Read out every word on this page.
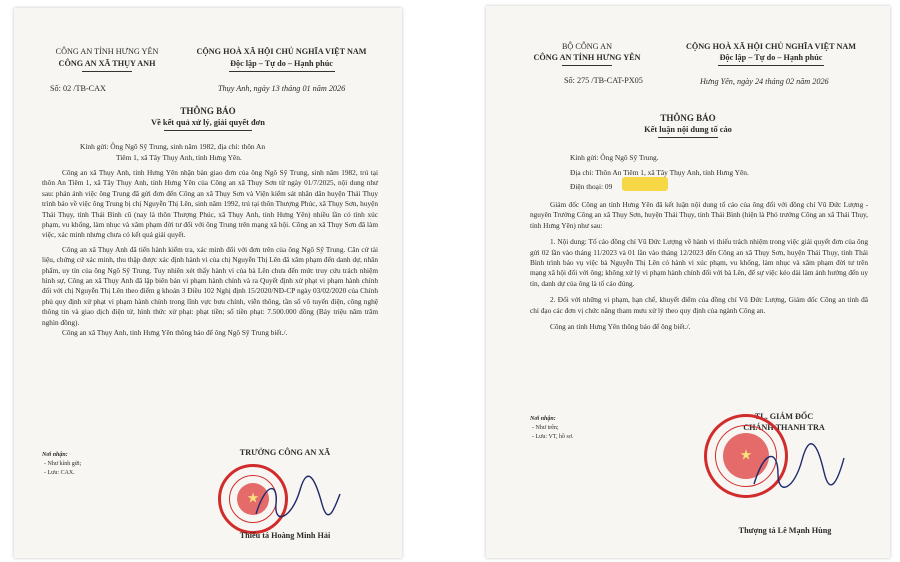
CÔNG AN TỈNH HƯNG YÊN
CÔNG AN XÃ THỤY ANH
CỘNG HOÀ XÃ HỘI CHỦ NGHĨA VIỆT NAM
Độc lập – Tự do – Hạnh phúc
Số: 02 /TB-CAX	Thụy Anh, ngày 13 tháng 01 năm 2026
THÔNG BÁO
Về kết quả xử lý, giải quyết đơn
Kính gửi: Ông Ngô Sỹ Trung, sinh năm 1982, địa chỉ: thôn An
Tiêm 1, xã Tây Thụy Anh, tỉnh Hưng Yên.

Công an xã Thụy Anh, tỉnh Hưng Yên nhận bàn giao đơn của ông Ngô Sỹ Trung, sinh năm 1982, trú tại thôn An Tiêm 1, xã Tây Thụy Anh, tỉnh Hưng Yên của Công an xã Thụy Sơn từ ngày 01/7/2025, nội dung như sau: phản ánh việc ông Trung đã gửi đơn đến Công an xã Thụy Sơn và Viện kiểm sát nhân dân huyện Thái Thụy trình báo về việc ông Trung bị chị Nguyễn Thị Lên, sinh năm 1992, trú tại thôn Thượng Phúc, xã Thụy Sơn, huyện Thái Thụy, tỉnh Thái Bình cũ (nay là thôn Thượng Phúc, xã Thụy Anh, tỉnh Hưng Yên) nhiều lần có tình xúc phạm, vu khống, làm nhục và xâm phạm đời tư đối với ông Trung trên mạng xã hội. Công an xã Thụy Sơn đã làm việc, xác minh nhưng chưa có kết quả giải quyết.

Công an xã Thụy Anh đã tiến hành kiểm tra, xác minh đối với đơn trên của ông Ngô Sỹ Trung. Căn cứ tài liệu, chứng cứ xác minh, thu thập được xác định hành vi của chị Nguyễn Thị Lên đã xâm phạm đến danh dự, nhân phẩm, uy tín của ông Ngô Sỹ Trung. Tuy nhiên xét thấy hành vi của bà Lên chưa đến mức truy cứu trách nhiệm hình sự, Công an xã Thụy Anh đã lập biên bản vi phạm hành chính và ra Quyết định xử phạt vi phạm hành chính đối với chị Nguyễn Thị Lên theo điểm g khoản 3 Điều 102 Nghị định 15/2020/NĐ-CP ngày 03/02/2020 của Chính phủ quy định xử phạt vi phạm hành chính trong lĩnh vực bưu chính, viễn thông, tần số vô tuyến điện, công nghệ thông tin và giao dịch điện tử, hình thức xử phạt: phạt tiền; số tiền phạt: 7.500.000 đồng (Bảy triệu năm trăm nghìn đồng).

Công an xã Thụy Anh, tỉnh Hưng Yên thông báo để ông Ngô Sỹ Trung biết./.

Nơi nhận:
- Như kính gửi;
- Lưu: CAX.
TRƯỞNG CÔNG AN XÃ
★
Thiếu tá Hoàng Minh Hải
BỘ CÔNG AN
CÔNG AN TỈNH HƯNG YÊN
CỘNG HOÀ XÃ HỘI CHỦ NGHĨA VIỆT NAM
Độc lập – Tự do – Hạnh phúc
Số: 275 /TB-CAT-PX05	Hưng Yên, ngày 24 tháng 02 năm 2026
THÔNG BÁO
Kết luận nội dung tố cáo
Kính gửi: Ông Ngô Sỹ Trung.
Địa chỉ: Thôn An Tiêm 1, xã Tây Thụy Anh, tỉnh Hưng Yên.
Điện thoại: 09

Giám đốc Công an tỉnh Hưng Yên đã kết luận nội dung tố cáo của ông đối với đồng chí Vũ Đức Lượng - nguyên Trưởng Công an xã Thụy Sơn, huyện Thái Thụy, tỉnh Thái Bình (hiện là Phó trưởng Công an xã Thái Thụy, tỉnh Hưng Yên) như sau:

1. Nội dung: Tố cáo đồng chí Vũ Đức Lượng về hành vi thiếu trách nhiệm trong việc giải quyết đơn của ông gửi 02 lần vào tháng 11/2023 và 01 lần vào tháng 12/2023 đến Công an xã Thụy Sơn, huyện Thái Thụy, tỉnh Thái Bình trình báo vụ việc bà Nguyễn Thị Lên có hành vi xúc phạm, vu khống, làm nhục và xâm phạm đời tư trên mạng xã hội đối với ông; không xử lý vi phạm hành chính đối với bà Lên, để sự việc kéo dài làm ảnh hưởng đến uy tín, danh dự của ông là tố cáo đúng.

2. Đối với những vi phạm, hạn chế, khuyết điểm của đồng chí Vũ Đức Lượng, Giám đốc Công an tỉnh đã chỉ đạo các đơn vị chức năng tham mưu xử lý theo quy định của ngành Công an.

Công an tỉnh Hưng Yên thông báo để ông biết./.

Nơi nhận:
- Như trên;
- Lưu: VT, hồ sơ.
TL. GIÁM ĐỐC
CHÁNH THANH TRA
★
Thượng tá Lê Mạnh Hùng
